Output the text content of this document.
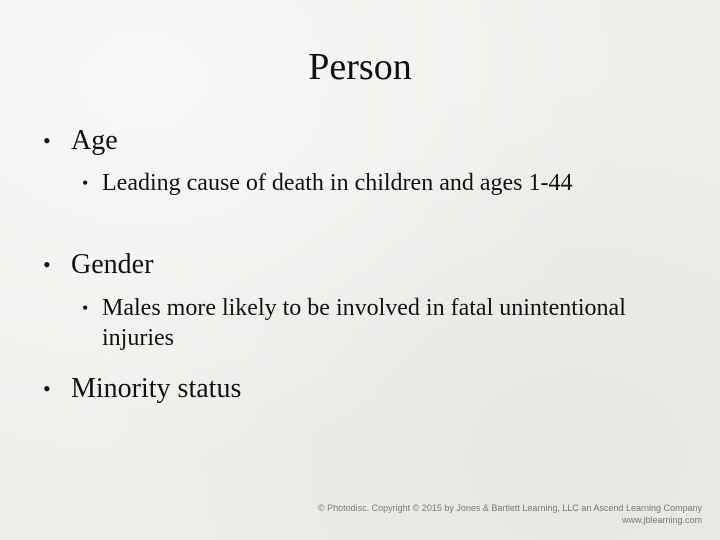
Person
• Age
• Leading cause of death in children and ages 1-44
• Gender
• Males more likely to be involved in fatal unintentional injuries
• Minority status
© Photodisc. Copyright © 2015 by Jones & Bartlett Learning, LLC an Ascend Learning Company
www.jblearning.com
